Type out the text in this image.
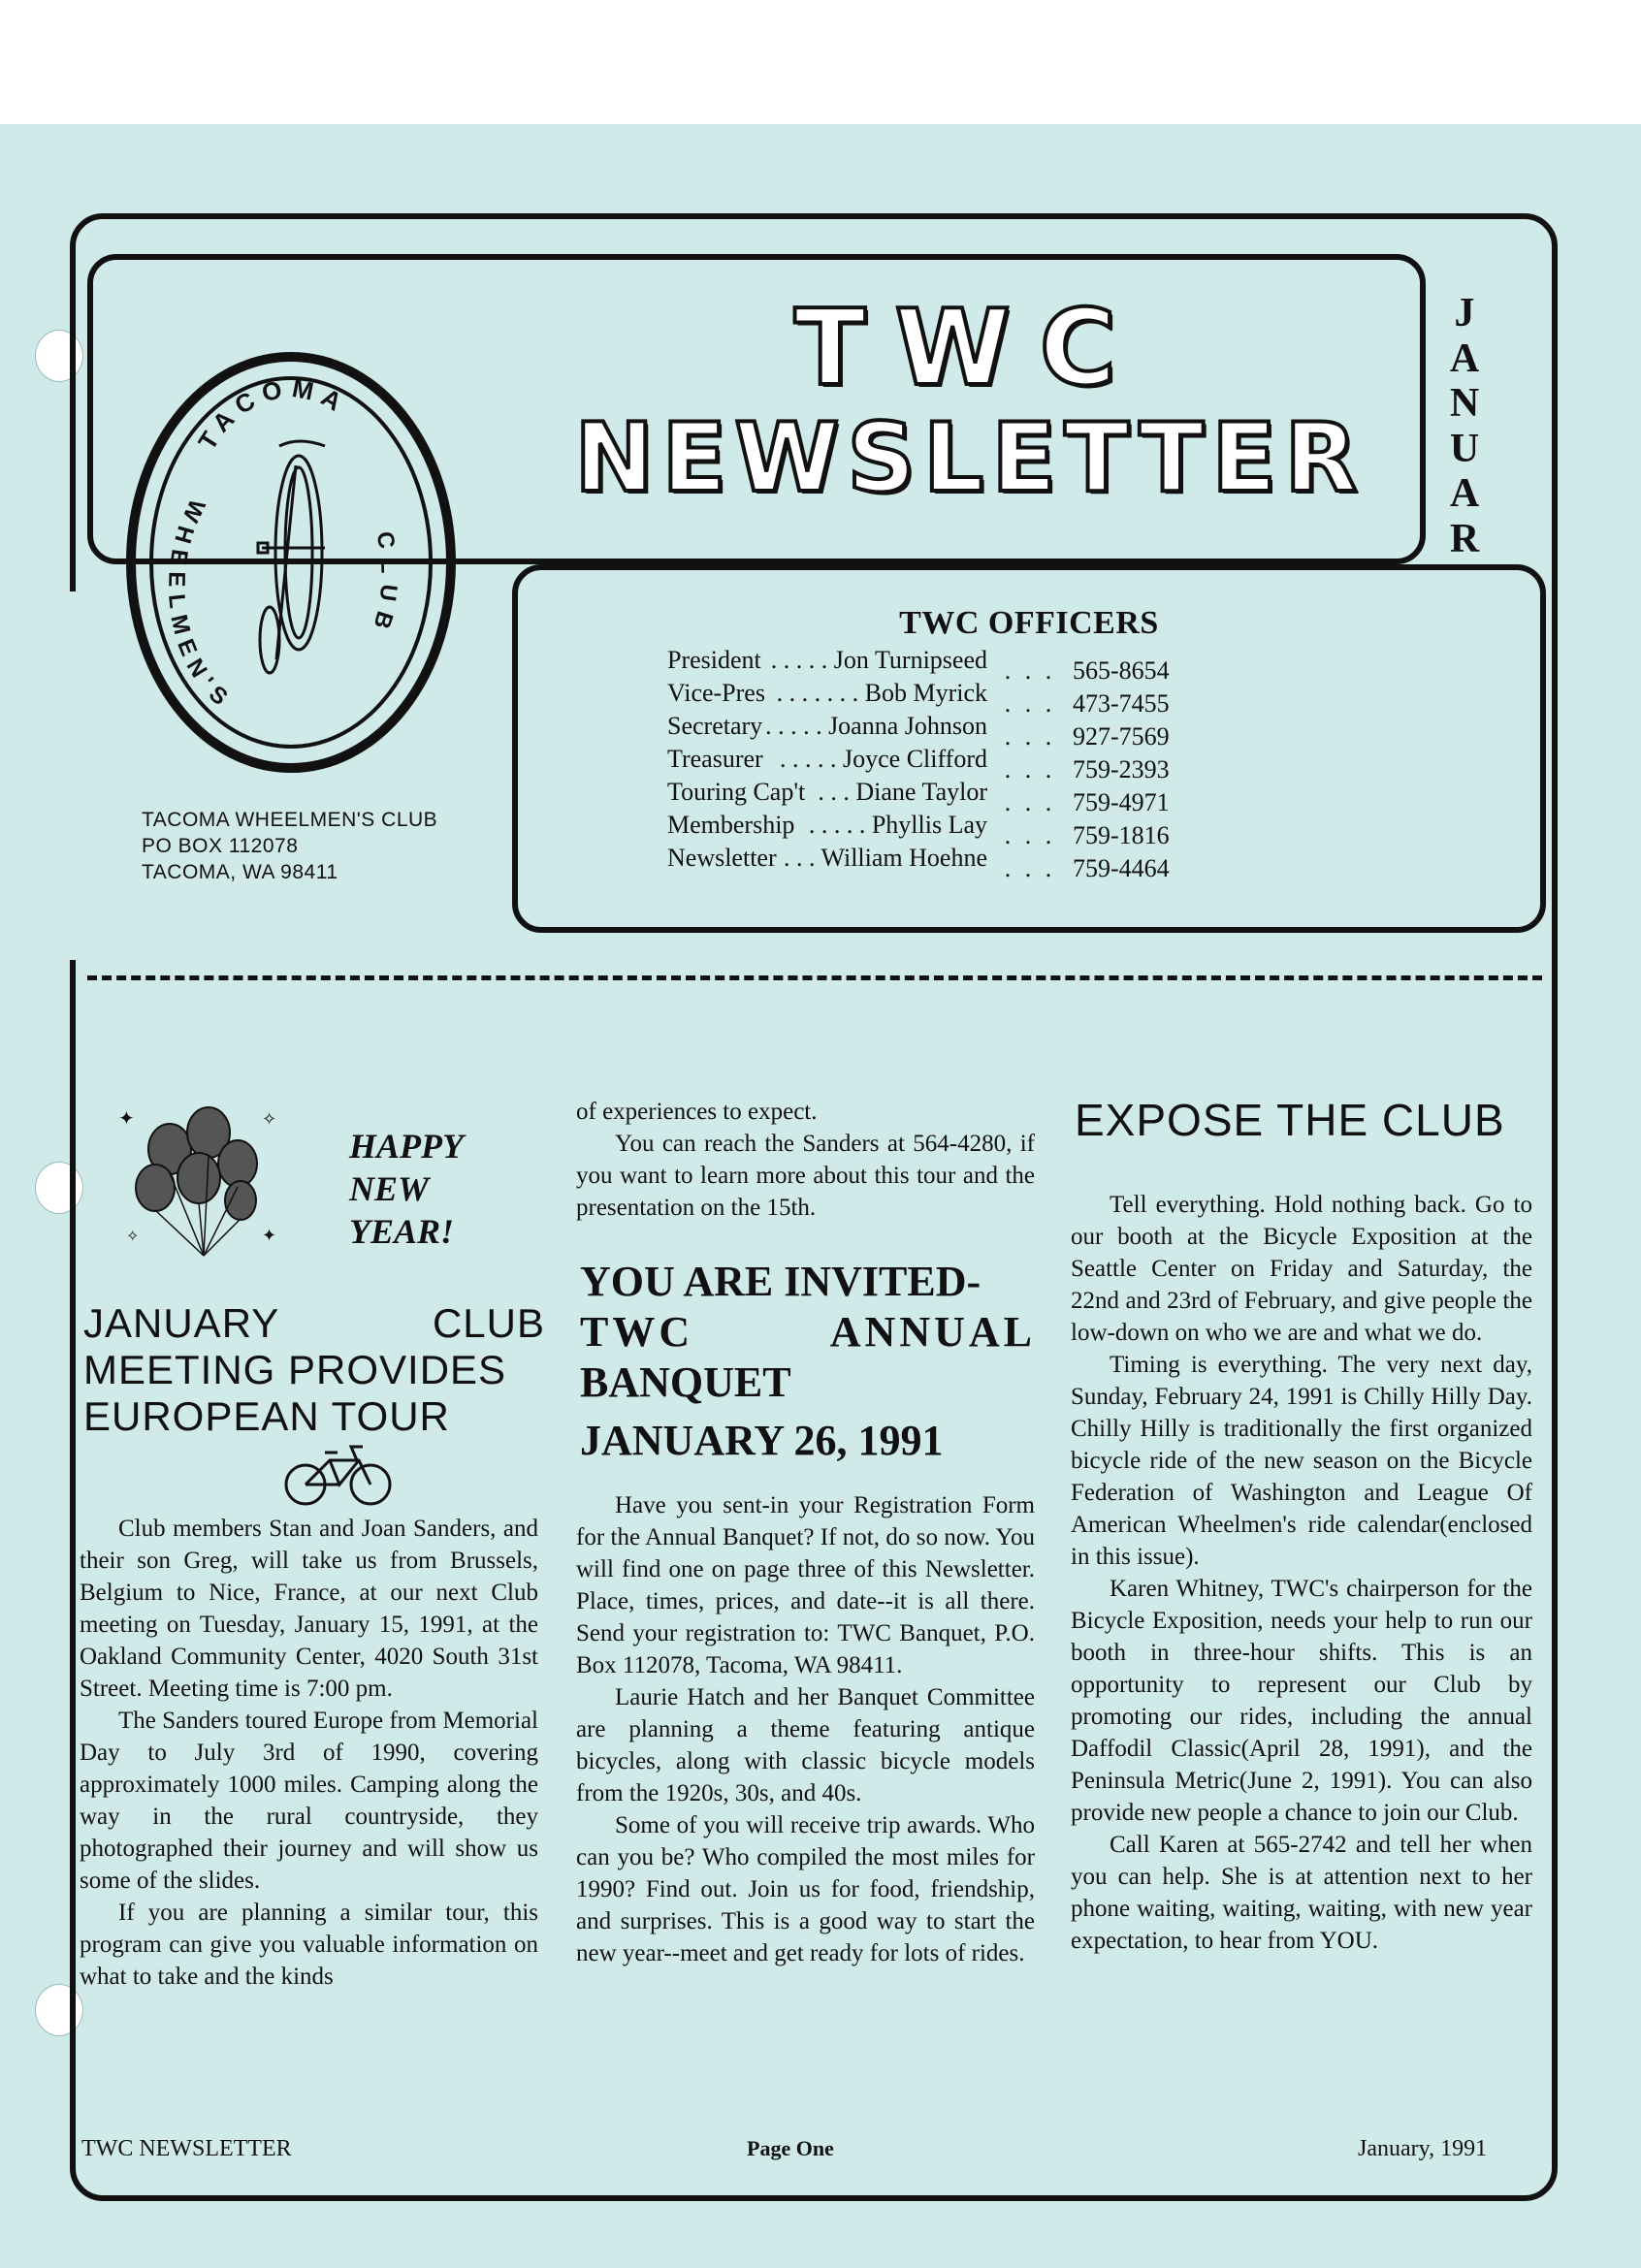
TACOMA
WHEELMEN'S
CLUB
TACOMA WHEELMEN'S CLUB
PO BOX 112078
TACOMA, WA 98411
TWC
NEWSLETTER
J
A
N
U
A
R
TWC OFFICERS
President . . . . . Jon Turnipseed . . . 565-8654
Vice-Pres . . . . . . . Bob Myrick . . . 473-7455
Secretary . . . . . Joanna Johnson . . . 927-7569
Treasurer . . . . . Joyce Clifford . . . 759-2393
Touring Cap't . . . Diane Taylor . . . 759-4971
Membership . . . . . Phyllis Lay . . . 759-1816
Newsletter . . . William Hoehne . . . 759-4464
✦	✧
✦
✧
HAPPY
NEW
YEAR!
JANUARY	CLUB
MEETING PROVIDES
EUROPEAN TOUR

Club members Stan and Joan Sanders, and their son Greg, will take us from Brussels, Belgium to Nice, France, at our next Club meeting on Tuesday, January 15, 1991, at the Oakland Community Center, 4020 South 31st Street. Meeting time is 7:00 pm.

The Sanders toured Europe from Memorial Day to July 3rd of 1990, covering approximately 1000 miles. Camping along the way in the rural countryside, they photographed their journey and will show us some of the slides.

If you are planning a similar tour, this program can give you valuable information on what to take and the kinds

of experiences to expect.

You can reach the Sanders at 564-4280, if you want to learn more about this tour and the presentation on the 15th.

YOU ARE INVITED-
TWC	ANNUAL
BANQUET
JANUARY 26, 1991

Have you sent-in your Registration Form for the Annual Banquet? If not, do so now. You will find one on page three of this Newsletter. Place, times, prices, and date--it is all there. Send your registration to: TWC Banquet, P.O. Box 112078, Tacoma, WA 98411.

Laurie Hatch and her Banquet Committee are planning a theme featuring antique bicycles, along with classic bicycle models from the 1920s, 30s, and 40s.

Some of you will receive trip awards. Who can you be? Who compiled the most miles for 1990? Find out. Join us for food, friendship, and surprises. This is a good way to start the new year--meet and get ready for lots of rides.

EXPOSE THE CLUB

Tell everything. Hold nothing back. Go to our booth at the Bicycle Exposition at the Seattle Center on Friday and Saturday, the 22nd and 23rd of February, and give people the low-down on who we are and what we do.

Timing is everything. The very next day, Sunday, February 24, 1991 is Chilly Hilly Day. Chilly Hilly is traditionally the first organized bicycle ride of the new season on the Bicycle Federation of Washington and League Of American Wheelmen's ride calendar(enclosed in this issue).

Karen Whitney, TWC's chairperson for the Bicycle Exposition, needs your help to run our booth in three-hour shifts. This is an opportunity to represent our Club by promoting our rides, including the annual Daffodil Classic(April 28, 1991), and the Peninsula Metric(June 2, 1991). You can also provide new people a chance to join our Club.

Call Karen at 565-2742 and tell her when you can help. She is at attention next to her phone waiting, waiting, waiting, with new year expectation, to hear from YOU.

TWC NEWSLETTER	Page One	January, 1991
